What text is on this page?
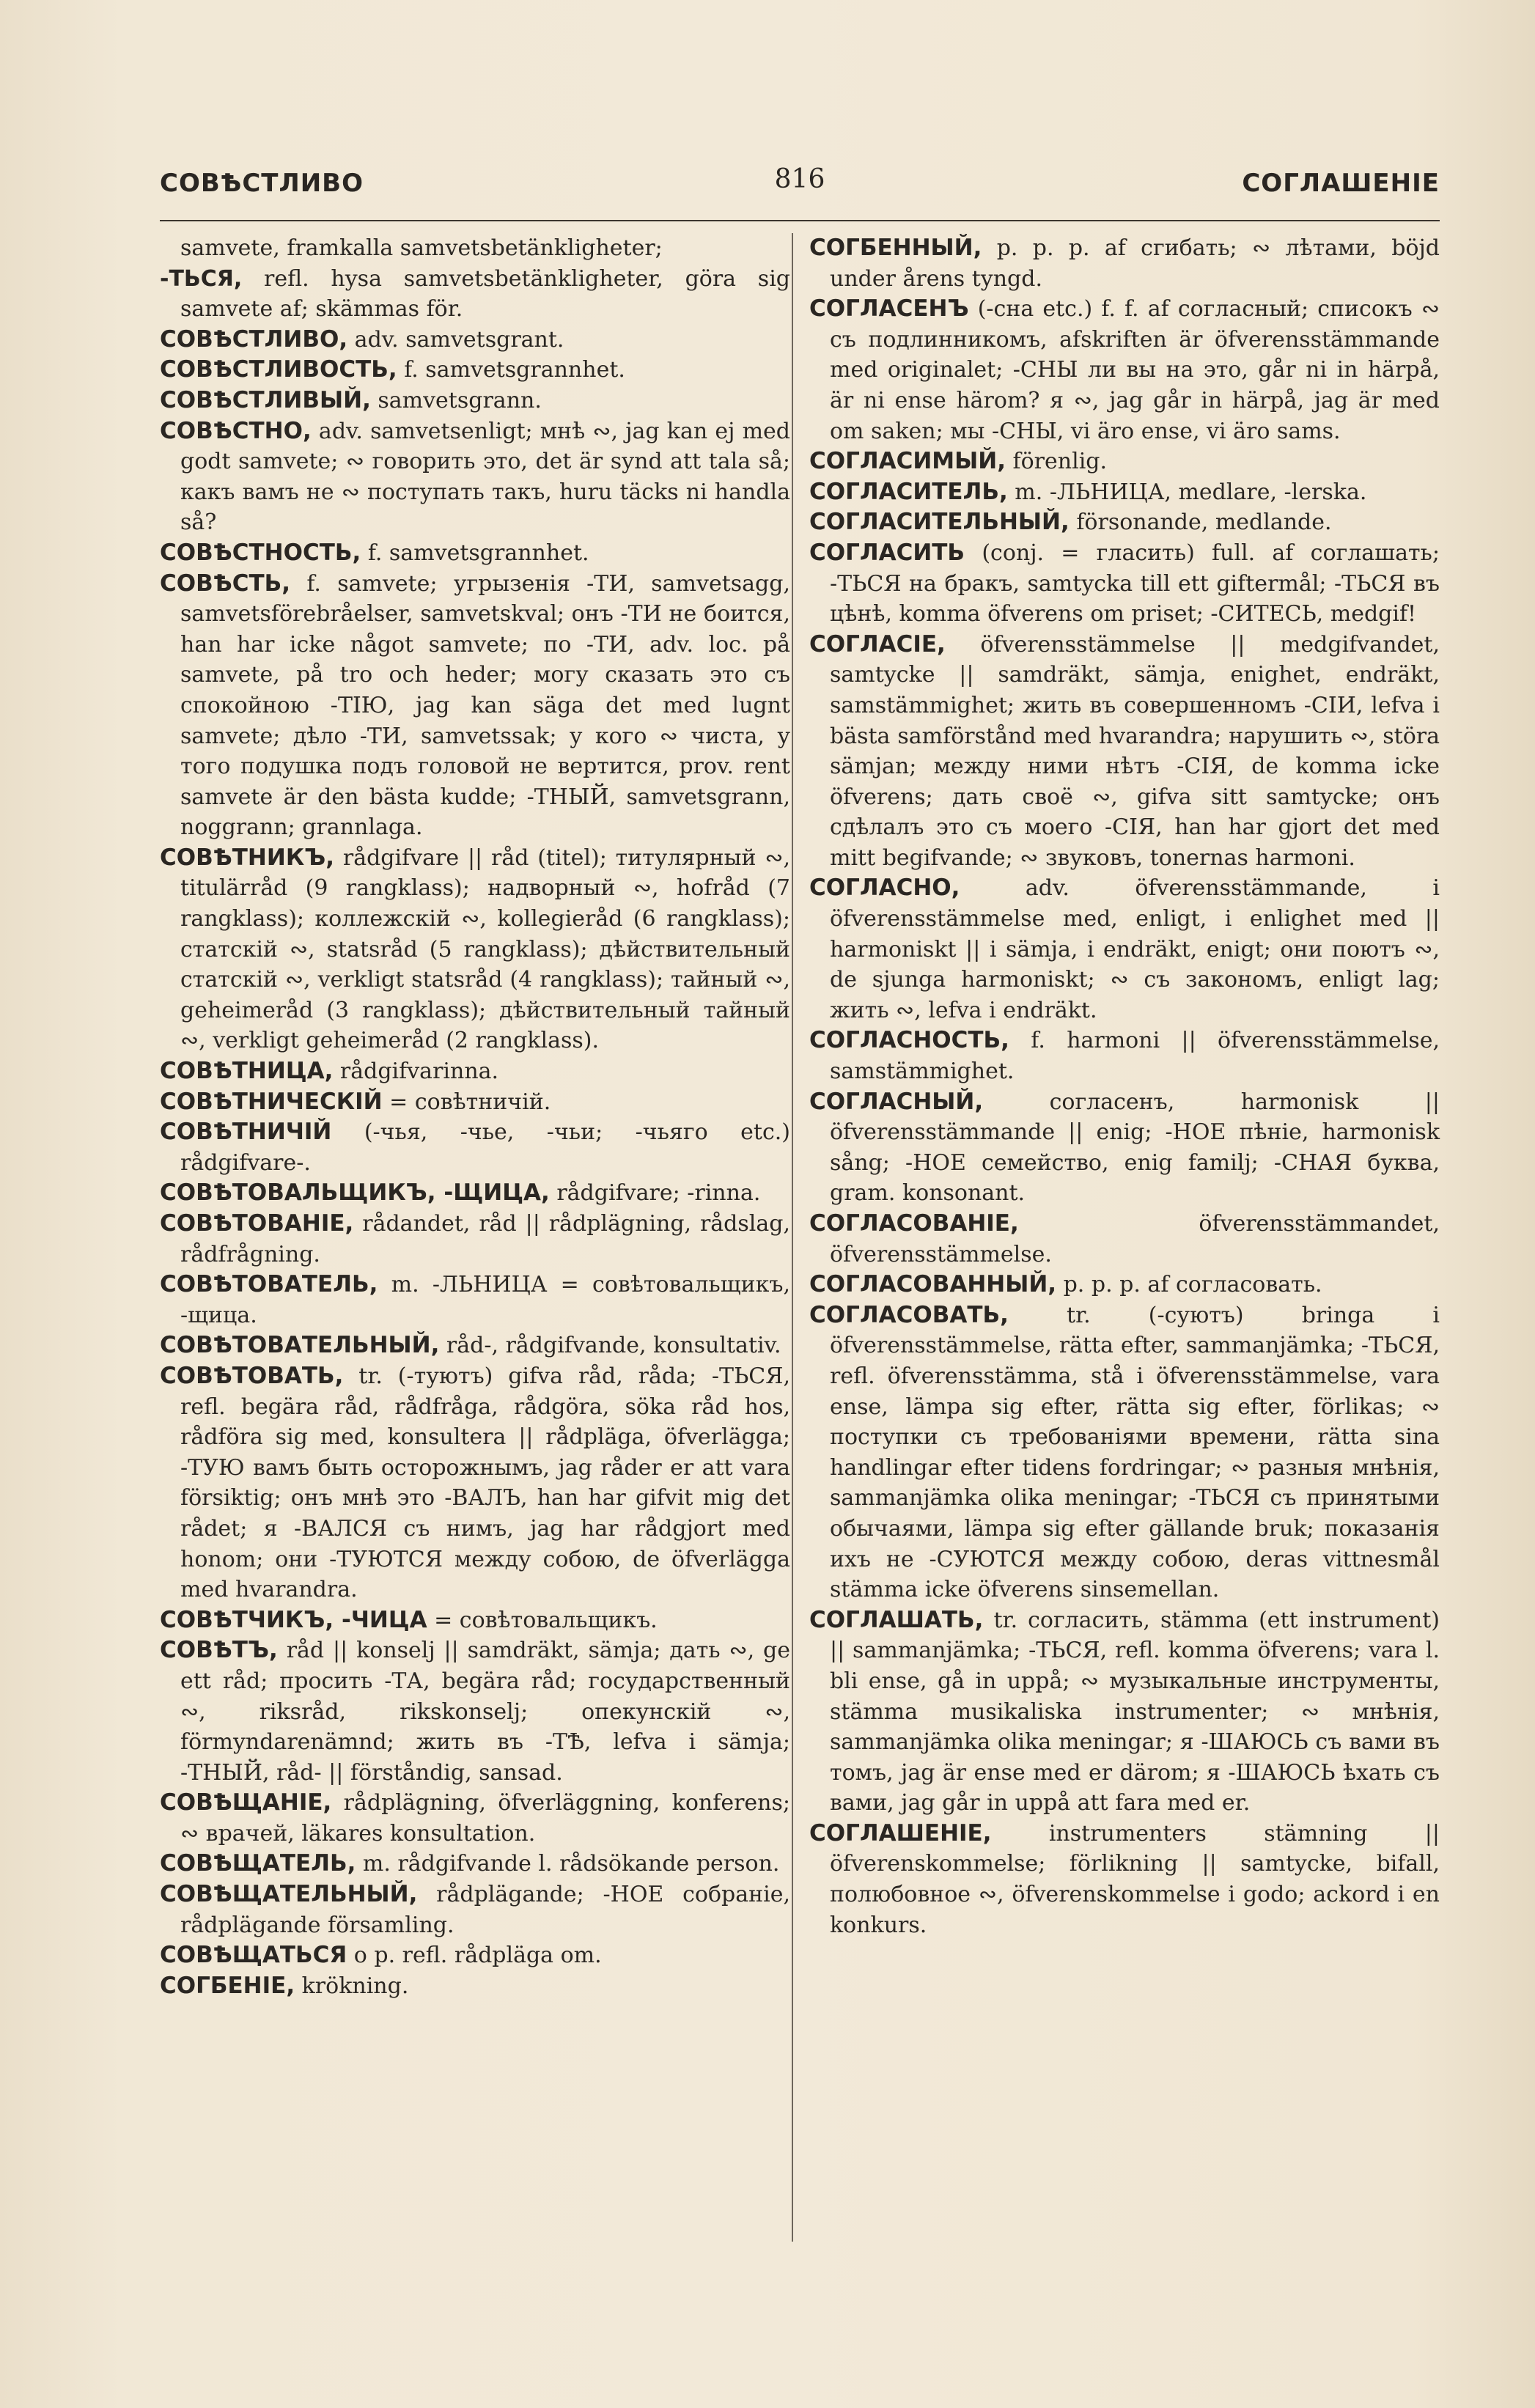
СОВѢСТЛИВО	816	СОГЛАШЕНІЕ

samvete, framkalla samvetsbetänkligheter;

-ТЬСЯ, refl. hysa samvetsbetänkligheter, göra sig samvete af; skämmas för.

СОВѢСТЛИВО, adv. samvetsgrant.

СОВѢСТЛИВОСТЬ, f. samvetsgrannhet.

СОВѢСТЛИВЫЙ, samvetsgrann.

СОВѢСТНО, adv. samvetsenligt; мнѣ ∾, jag kan ej med godt samvete; ∾ говорить это, det är synd att tala så; какъ вамъ не ∾ поступать такъ, huru täcks ni handla så?

СОВѢСТНОСТЬ, f. samvetsgrannhet.

СОВѢСТЬ, f. samvete; угрызенія -ТИ, samvetsagg, samvetsförebråelser, samvetskval; онъ -ТИ не боится, han har icke något samvete; по -ТИ, adv. loc. på samvete, på tro och heder; могу сказать это съ спокойною -ТІЮ, jag kan säga det med lugnt samvete; дѣло -ТИ, samvetssak; у кого ∾ чиста, у того подушка подъ головой не вертится, prov. rent samvete är den bästa kudde; -ТНЫЙ, samvetsgrann, noggrann; grannlaga.

СОВѢТНИКЪ, rådgifvare || råd (titel); титулярный ∾, titulärråd (9 rangklass); надворный ∾, hofråd (7 rangklass); коллежскій ∾, kollegieråd (6 rangklass); статскій ∾, statsråd (5 rangklass); дѣйствительный статскій ∾, verkligt statsråd (4 rangklass); тайный ∾, geheimeråd (3 rangklass); дѣйствительный тайный ∾, verkligt geheimeråd (2 rangklass).

СОВѢТНИЦА, rådgifvarinna.

СОВѢТНИЧЕСКІЙ = совѣтничій.

СОВѢТНИЧІЙ (-чья, -чье, -чьи; -чьяго etc.) rådgifvare-.

СОВѢТОВАЛЬЩИКЪ, -ЩИЦА, rådgifvare; -rinna.

СОВѢТОВАНІЕ, rådandet, råd || rådplägning, rådslag, rådfrågning.

СОВѢТОВАТЕЛЬ, m. -ЛЬНИЦА = совѣтовальщикъ, -щица.

СОВѢТОВАТЕЛЬНЫЙ, råd-, rådgifvande, konsultativ.

СОВѢТОВАТЬ, tr. (-туютъ) gifva råd, råda; -ТЬСЯ, refl. begära råd, rådfråga, rådgöra, söka råd hos, rådföra sig med, konsultera || rådpläga, öfverlägga; -ТУЮ вамъ быть осторожнымъ, jag råder er att vara försiktig; онъ мнѣ это -ВАЛЪ, han har gifvit mig det rådet; я -ВАЛСЯ съ нимъ, jag har rådgjort med honom; они -ТУЮТСЯ между собою, de öfverlägga med hvarandra.

СОВѢТЧИКЪ, -ЧИЦА = совѣтовальщикъ.

СОВѢТЪ, råd || konselj || samdräkt, sämja; дать ∾, ge ett råd; просить -ТА, begära råd; государственный ∾, riksråd, rikskonselj; опекунскій ∾, förmyndarenämnd; жить въ -ТѢ, lefva i sämja; -ТНЫЙ, råd- || förståndig, sansad.

СОВѢЩАНІЕ, rådplägning, öfverläggning, konferens; ∾ врачей, läkares konsultation.

СОВѢЩАТЕЛЬ, m. rådgifvande l. rådsökande person.

СОВѢЩАТЕЛЬНЫЙ, rådplägande; -НОЕ собраніе, rådplägande församling.

СОВѢЩАТЬСЯ o p. refl. rådpläga om.

СОГБЕНІЕ, krökning.

СОГБЕННЫЙ, p. p. p. af сгибать; ∾ лѣтами, böjd under årens tyngd.

СОГЛАСЕНЪ (-сна etc.) f. f. af согласный; списокъ ∾ съ подлинникомъ, afskriften är öfverensstämmande med originalet; -СНЫ ли вы на это, går ni in härpå, är ni ense härom? я ∾, jag går in härpå, jag är med om saken; мы -СНЫ, vi äro ense, vi äro sams.

СОГЛАСИМЫЙ, förenlig.

СОГЛАСИТЕЛЬ, m. -ЛЬНИЦА, medlare, -lerska.

СОГЛАСИТЕЛЬНЫЙ, försonande, medlande.

СОГЛАСИТЬ (conj. = гласить) full. af соглашать; -ТЬСЯ на бракъ, samtycka till ett giftermål; -ТЬСЯ въ цѣнѣ, komma öfverens om priset; -СИТЕСЬ, medgif!

СОГЛАСІЕ, öfverensstämmelse || medgifvandet, samtycke || samdräkt, sämja, enighet, endräkt, samstämmighet; жить въ совершенномъ -СІИ, lefva i bästa samförstånd med hvarandra; нарушить ∾, störa sämjan; между ними нѣтъ -СІЯ, de komma icke öfverens; дать своё ∾, gifva sitt samtycke; онъ сдѣлалъ это съ моего -СІЯ, han har gjort det med mitt begifvande; ∾ звуковъ, tonernas harmoni.

СОГЛАСНО, adv. öfverensstämmande, i öfverensstämmelse med, enligt, i enlighet med || harmoniskt || i sämja, i endräkt, enigt; они поютъ ∾, de sjunga harmoniskt; ∾ съ закономъ, enligt lag; жить ∾, lefva i endräkt.

СОГЛАСНОСТЬ, f. harmoni || öfverensstämmelse, samstämmighet.

СОГЛАСНЫЙ, согласенъ, harmonisk || öfverensstämmande || enig; -НОЕ пѣніе, harmonisk sång; -НОЕ семейство, enig familj; -СНАЯ буква, gram. konsonant.

СОГЛАСОВАНІЕ, öfverensstämmandet, öfverensstämmelse.

СОГЛАСОВАННЫЙ, p. p. p. af согласовать.

СОГЛАСОВАТЬ, tr. (-суютъ) bringa i öfverensstämmelse, rätta efter, sammanjämka; -ТЬСЯ, refl. öfverensstämma, stå i öfverensstämmelse, vara ense, lämpa sig efter, rätta sig efter, förlikas; ∾ поступки съ требованіями времени, rätta sina handlingar efter tidens fordringar; ∾ разныя мнѣнія, sammanjämka olika meningar; -ТЬСЯ съ принятыми обычаями, lämpa sig efter gällande bruk; показанія ихъ не -СУЮТСЯ между собою, deras vittnesmål stämma icke öfverens sinsemellan.

СОГЛАШАТЬ, tr. согласить, stämma (ett instrument) || sammanjämka; -ТЬСЯ, refl. komma öfverens; vara l. bli ense, gå in uppå; ∾ музыкальные инструменты, stämma musikaliska instrumenter; ∾ мнѣнія, sammanjämka olika meningar; я -ШАЮСЬ съ вами въ томъ, jag är ense med er därom; я -ШАЮСЬ ѣхать съ вами, jag går in uppå att fara med er.

СОГЛАШЕНІЕ, instrumenters stämning || öfverenskommelse; förlikning || samtycke, bifall, полюбовное ∾, öfverenskommelse i godo; ackord i en konkurs.
